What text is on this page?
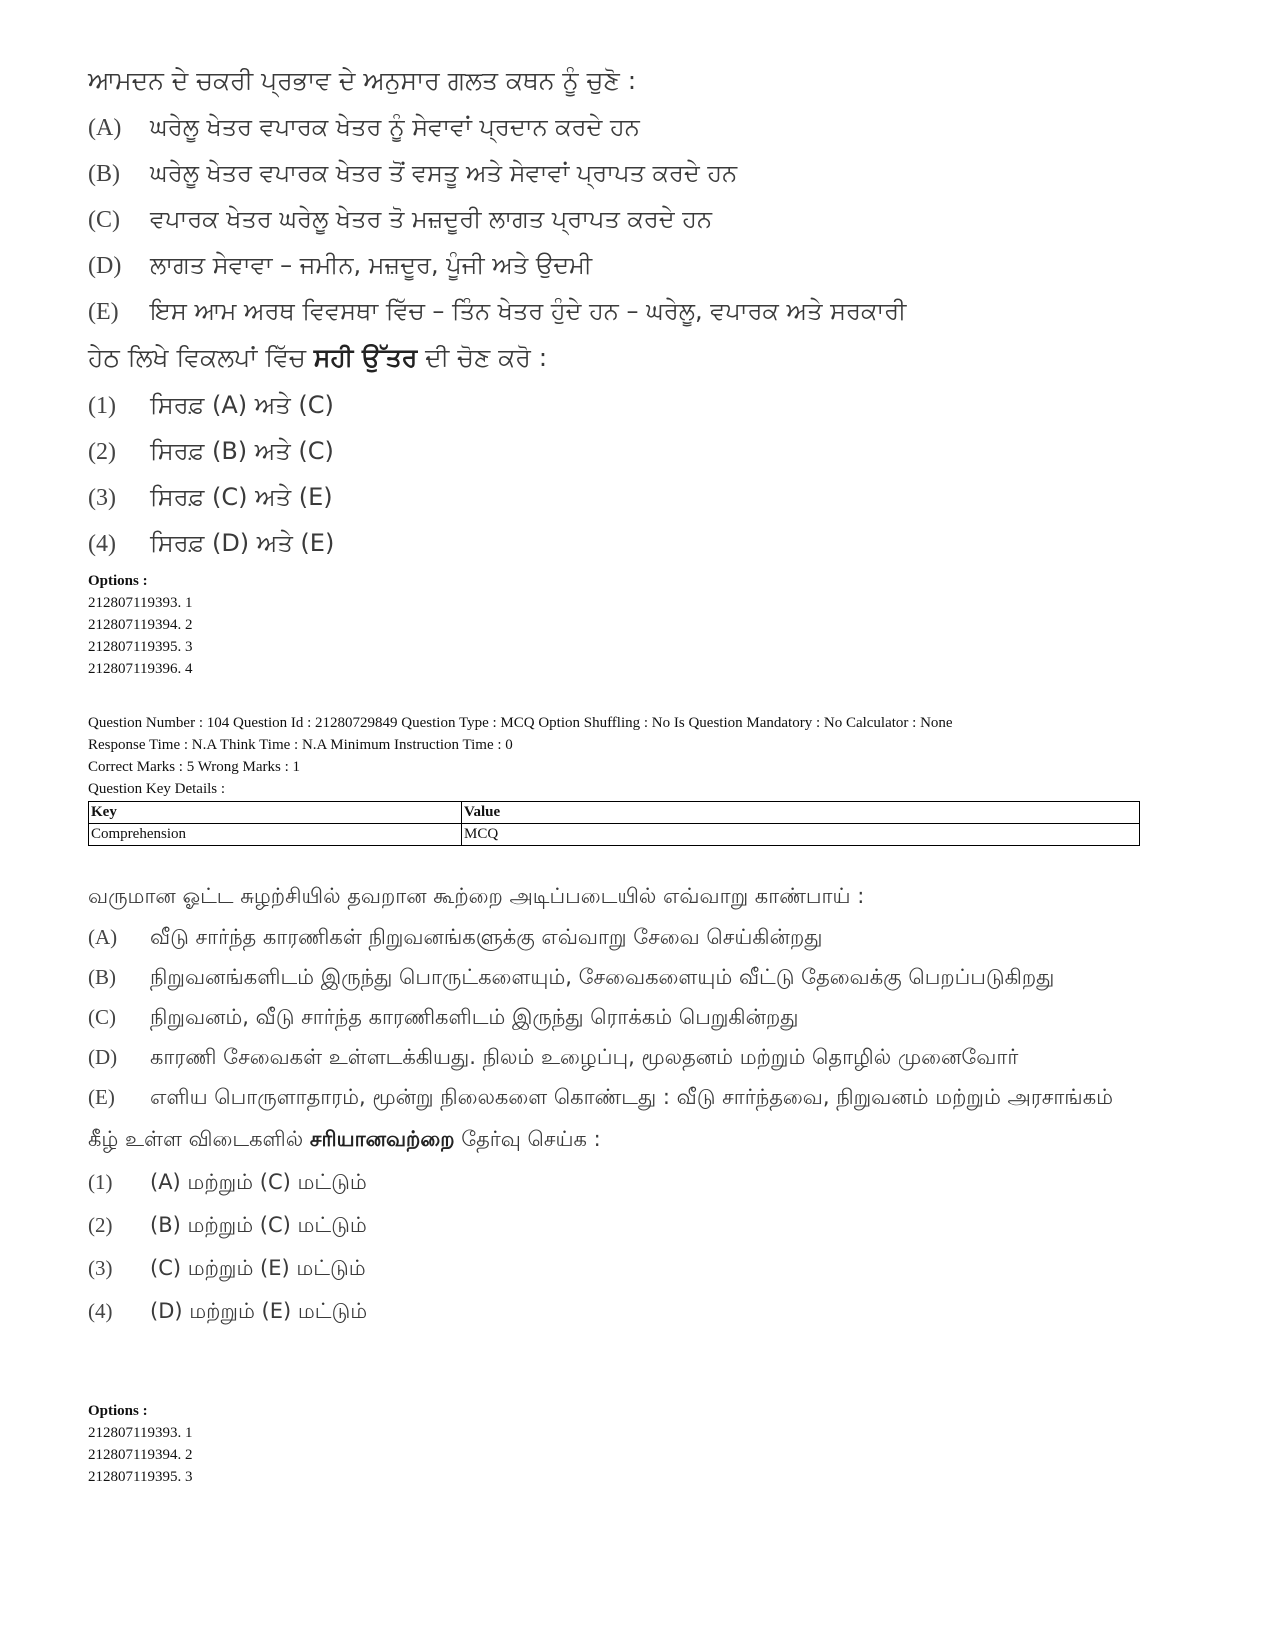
ਆਮਦਨ ਦੇ ਚਕਰੀ ਪ੍ਰਭਾਵ ਦੇ ਅਨੁਸਾਰ ਗਲਤ ਕਥਨ ਨੂੰ ਚੁਣੋ :
(A) ਘਰੇਲੂ ਖੇਤਰ ਵਪਾਰਕ ਖੇਤਰ ਨੂੰ ਸੇਵਾਵਾਂ ਪ੍ਰਦਾਨ ਕਰਦੇ ਹਨ
(B) ਘਰੇਲੂ ਖੇਤਰ ਵਪਾਰਕ ਖੇਤਰ ਤੋਂ ਵਸਤੂ ਅਤੇ ਸੇਵਾਵਾਂ ਪ੍ਰਾਪਤ ਕਰਦੇ ਹਨ
(C) ਵਪਾਰਕ ਖੇਤਰ ਘਰੇਲੂ ਖੇਤਰ ਤੋ ਮਜ਼ਦੂਰੀ ਲਾਗਤ ਪ੍ਰਾਪਤ ਕਰਦੇ ਹਨ
(D) ਲਾਗਤ ਸੇਵਾਵਾ – ਜਮੀਨ, ਮਜ਼ਦੂਰ, ਪੂੰਜੀ ਅਤੇ ਉਦਮੀ
(E) ਇਸ ਆਮ ਅਰਥ ਵਿਵਸਥਾ ਵਿੱਚ – ਤਿੰਨ ਖੇਤਰ ਹੁੰਦੇ ਹਨ – ਘਰੇਲੂ, ਵਪਾਰਕ ਅਤੇ ਸਰਕਾਰੀ
ਹੇਠ ਲਿਖੇ ਵਿਕਲਪਾਂ ਵਿੱਚ ਸਹੀ ਉੱਤਰ ਦੀ ਚੋਣ ਕਰੋ :
(1) ਸਿਰਫ਼ (A) ਅਤੇ (C)
(2) ਸਿਰਫ਼ (B) ਅਤੇ (C)
(3) ਸਿਰਫ਼ (C) ਅਤੇ (E)
(4) ਸਿਰਫ਼ (D) ਅਤੇ (E)
Options :
212807119393. 1
212807119394. 2
212807119395. 3
212807119396. 4
Question Number : 104 Question Id : 21280729849 Question Type : MCQ Option Shuffling : No Is Question Mandatory : No Calculator : None
Response Time : N.A Think Time : N.A Minimum Instruction Time : 0
Correct Marks : 5 Wrong Marks : 1
Question Key Details :
Key	Value
Comprehension	MCQ
வருமான ஓட்ட சுழற்சியில் தவறான கூற்றை அடிப்படையில் எவ்வாறு காண்பாய் :
(A)	வீடு சார்ந்த காரணிகள் நிறுவனங்களுக்கு எவ்வாறு சேவை செய்கின்றது
(B)	நிறுவனங்களிடம் இருந்து பொருட்களையும், சேவைகளையும் வீட்டு தேவைக்கு பெறப்படுகிறது
(C)	நிறுவனம், வீடு சார்ந்த காரணிகளிடம் இருந்து ரொக்கம் பெறுகின்றது
(D)	காரணி சேவைகள் உள்ளடக்கியது. நிலம் உழைப்பு, மூலதனம் மற்றும் தொழில் முனைவோர்
(E)	எளிய பொருளாதாரம், மூன்று நிலைகளை கொண்டது : வீடு சார்ந்தவை, நிறுவனம் மற்றும் அரசாங்கம்
கீழ் உள்ள விடைகளில் சரியானவற்றை தேர்வு செய்க :
(1) (A) மற்றும் (C) மட்டும்
(2) (B) மற்றும் (C) மட்டும்
(3) (C) மற்றும் (E) மட்டும்
(4) (D) மற்றும் (E) மட்டும்
Options :
212807119393. 1
212807119394. 2
212807119395. 3
